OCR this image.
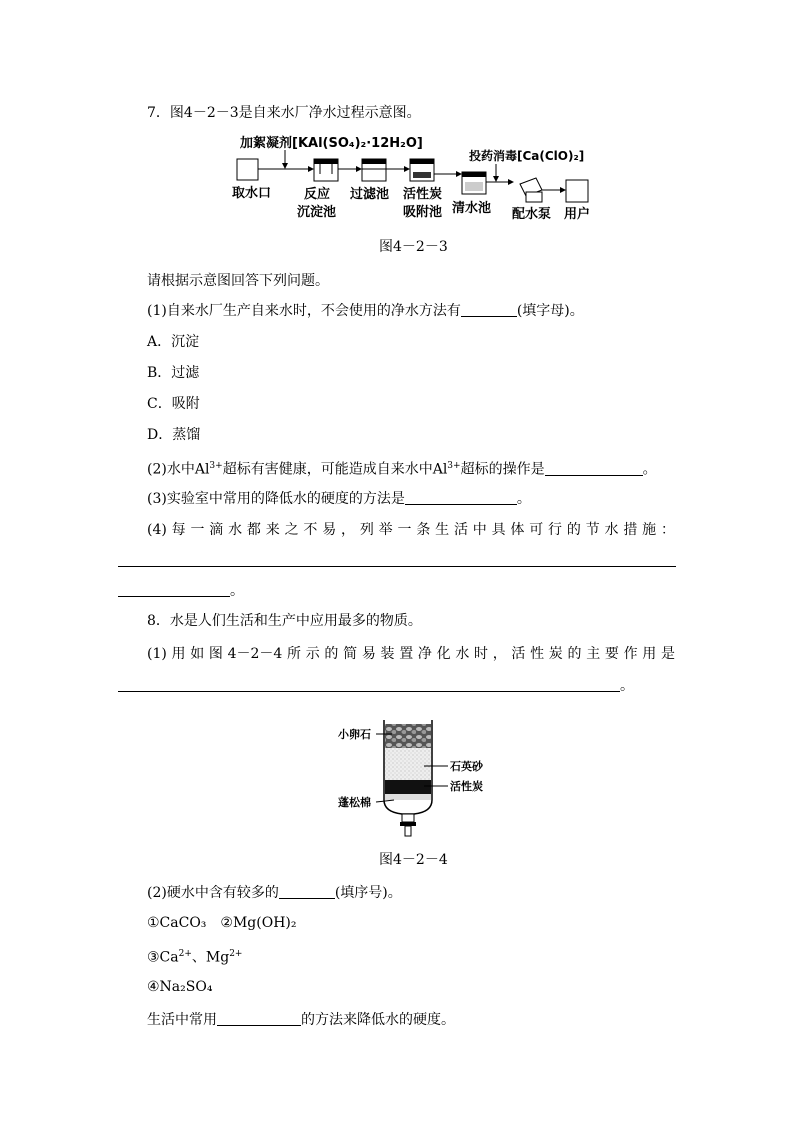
7．图4－2－3是自来水厂净水过程示意图。
加絮凝剂[KAl(SO₄)₂·12H₂O]
投药消毒[Ca(ClO)₂]
取水口	反应
沉淀池
过滤池 活性炭
吸附池 清水池 配水泵 用户
图4－2－3
请根据示意图回答下列问题。
(1)自来水厂生产自来水时，不会使用的净水方法有	(填字母)。
A．沉淀
B．过滤
C．吸附
D．蒸馏
(2)水中$Al^{3+}$超标有害健康，可能造成自来水中$Al^{3+}$超标的操作是	。
(3)实验室中常用的降低水的硬度的方法是	。
(4)每一滴水都来之不易，列举一条生活中具体可行的节水措施：
。
8．水是人们生活和生产中应用最多的物质。
(1)用如图4－2－4所示的简易装置净化水时，活性炭的主要作用是
。
小卵石
石英砂
活性炭
蓬松棉
图4－2－4
(2)硬水中含有较多的	(填序号)。
①CaCO₃　②Mg(OH)₂
$③Ca^{2+}$、$Mg^{2+}$
④Na₂SO₄
生活中常用	的方法来降低水的硬度。
